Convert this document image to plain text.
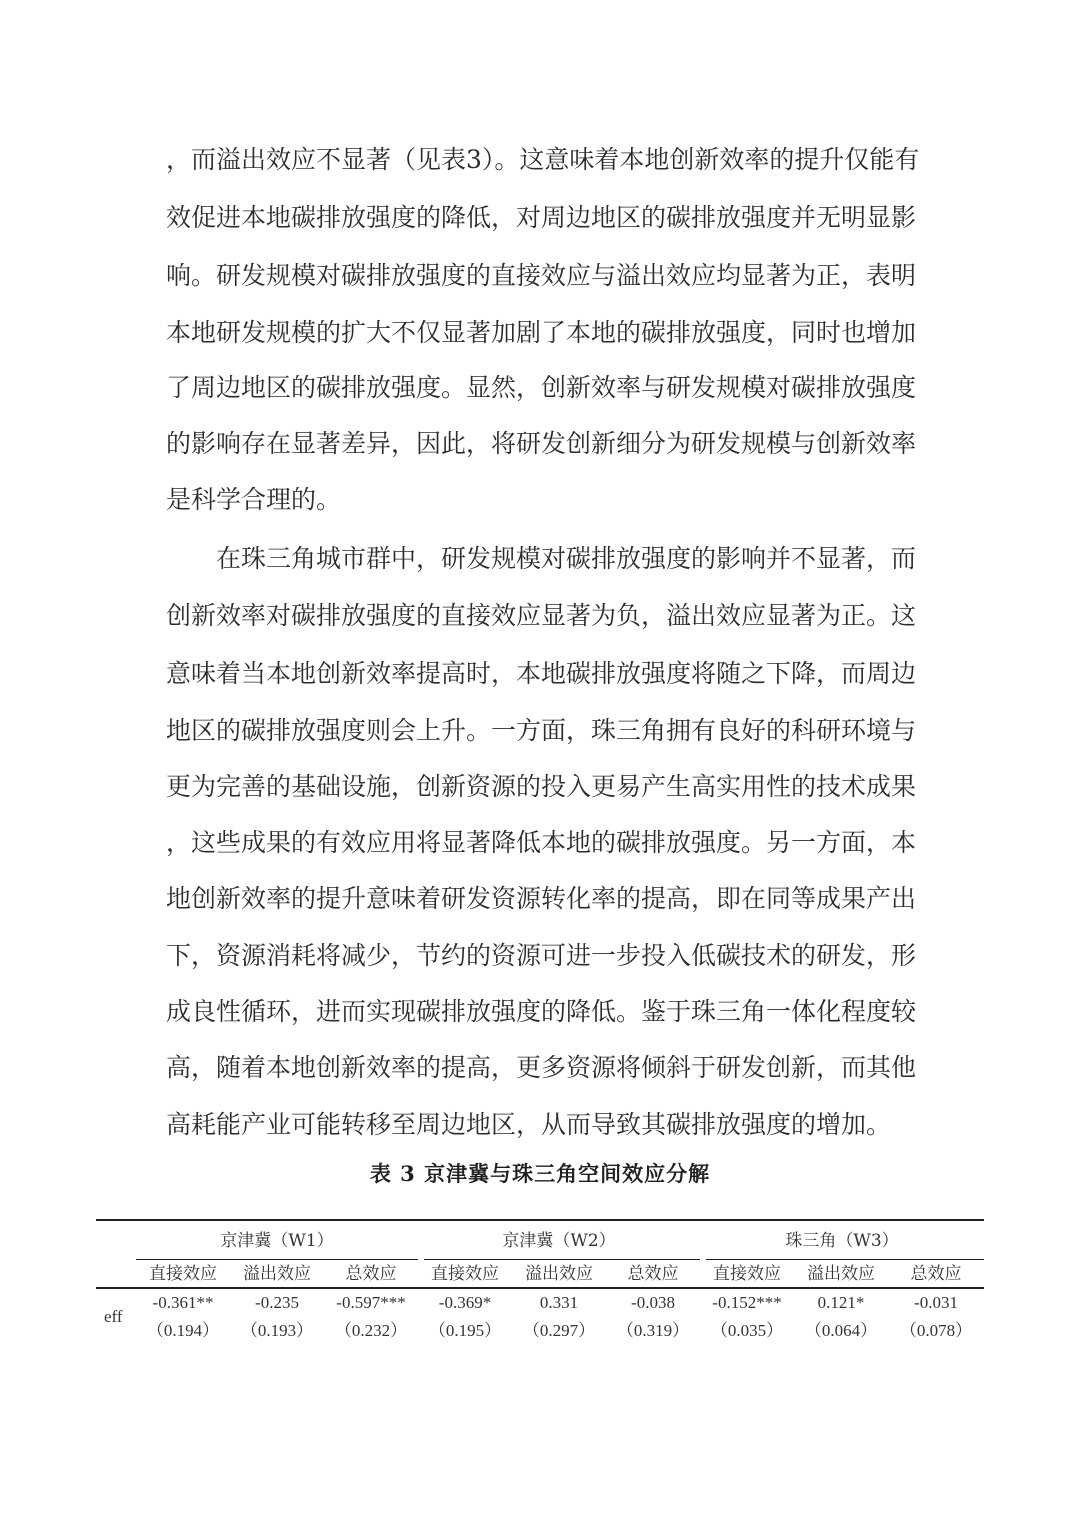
，而溢出效应不显著（见表3）。这意味着本地创新效率的提升仅能有
效促进本地碳排放强度的降低，对周边地区的碳排放强度并无明显影
响。研发规模对碳排放强度的直接效应与溢出效应均显著为正，表明
本地研发规模的扩大不仅显著加剧了本地的碳排放强度，同时也增加
了周边地区的碳排放强度。显然，创新效率与研发规模对碳排放强度
的影响存在显著差异，因此，将研发创新细分为研发规模与创新效率
是科学合理的。
在珠三角城市群中，研发规模对碳排放强度的影响并不显著，而
创新效率对碳排放强度的直接效应显著为负，溢出效应显著为正。这
意味着当本地创新效率提高时，本地碳排放强度将随之下降，而周边
地区的碳排放强度则会上升。一方面，珠三角拥有良好的科研环境与
更为完善的基础设施，创新资源的投入更易产生高实用性的技术成果
，这些成果的有效应用将显著降低本地的碳排放强度。另一方面，本
地创新效率的提升意味着研发资源转化率的提高，即在同等成果产出
下，资源消耗将减少，节约的资源可进一步投入低碳技术的研发，形
成良性循环，进而实现碳排放强度的降低。鉴于珠三角一体化程度较
高，随着本地创新效率的提高，更多资源将倾斜于研发创新，而其他
高耗能产业可能转移至周边地区，从而导致其碳排放强度的增加。
表 3 京津冀与珠三角空间效应分解
京津冀（W1）	京津冀（W2）	珠三角（W3）
直接效应	溢出效应	总效应	直接效应	溢出效应	总效应	直接效应	溢出效应	总效应
eff
-0.361**	-0.235	-0.597***	-0.369*	0.331	-0.038	-0.152***	0.121*	-0.031
（0.194）	（0.193）	（0.232）	（0.195）	（0.297）	（0.319）	（0.035）	（0.064）	（0.078）
